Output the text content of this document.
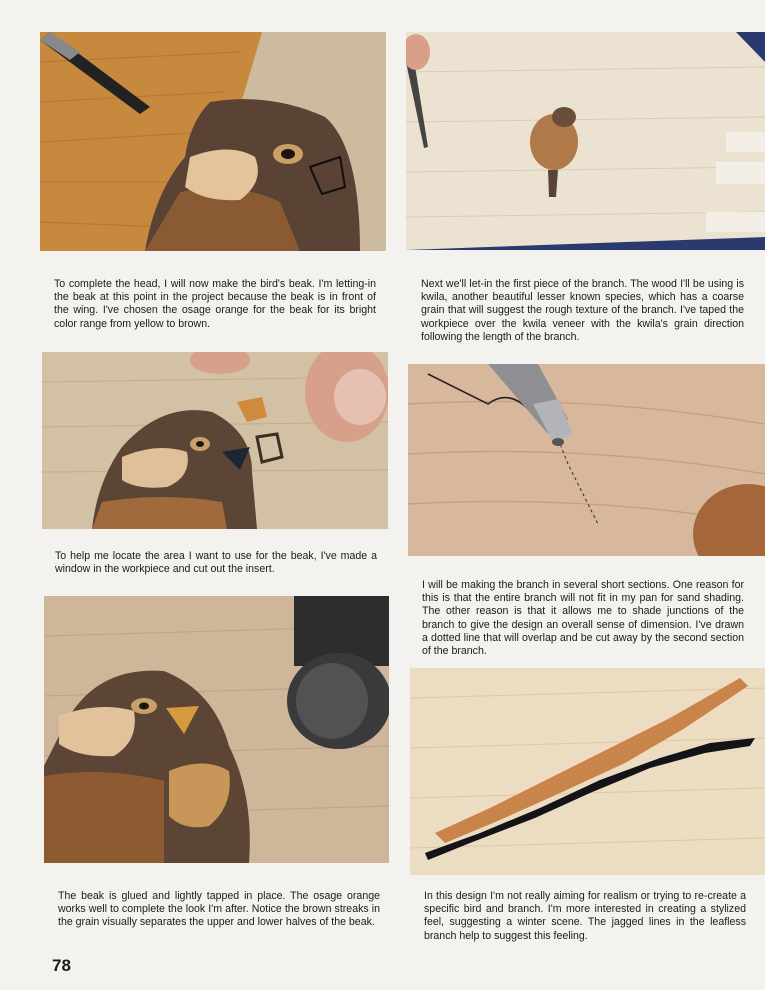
To complete the head, I will now make the bird's beak. I'm letting-in the beak at this point in the project because the beak is in front of the wing. I've chosen the osage orange for the beak for its bright color range from yellow to brown.

Next we'll let-in the first piece of the branch. The wood I'll be using is kwila, another beautiful lesser known species, which has a coarse grain that will suggest the rough texture of the branch. I've taped the workpiece over the kwila veneer with the kwila's grain direction following the length of the branch.

To help me locate the area I want to use for the beak, I've made a window in the workpiece and cut out the insert.

I will be making the branch in several short sections. One reason for this is that the entire branch will not fit in my pan for sand shading. The other reason is that it allows me to shade junctions of the branch to give the design an overall sense of dimension. I've drawn a dotted line that will overlap and be cut away by the second section of the branch.

The beak is glued and lightly tapped in place. The osage orange works well to complete the look I'm after. Notice the brown streaks in the grain visually separates the upper and lower halves of the beak.

In this design I'm not really aiming for realism or trying to re-create a specific bird and branch. I'm more interested in creating a stylized feel, suggesting a winter scene. The jagged lines in the leafless branch help to suggest this feeling.

78
